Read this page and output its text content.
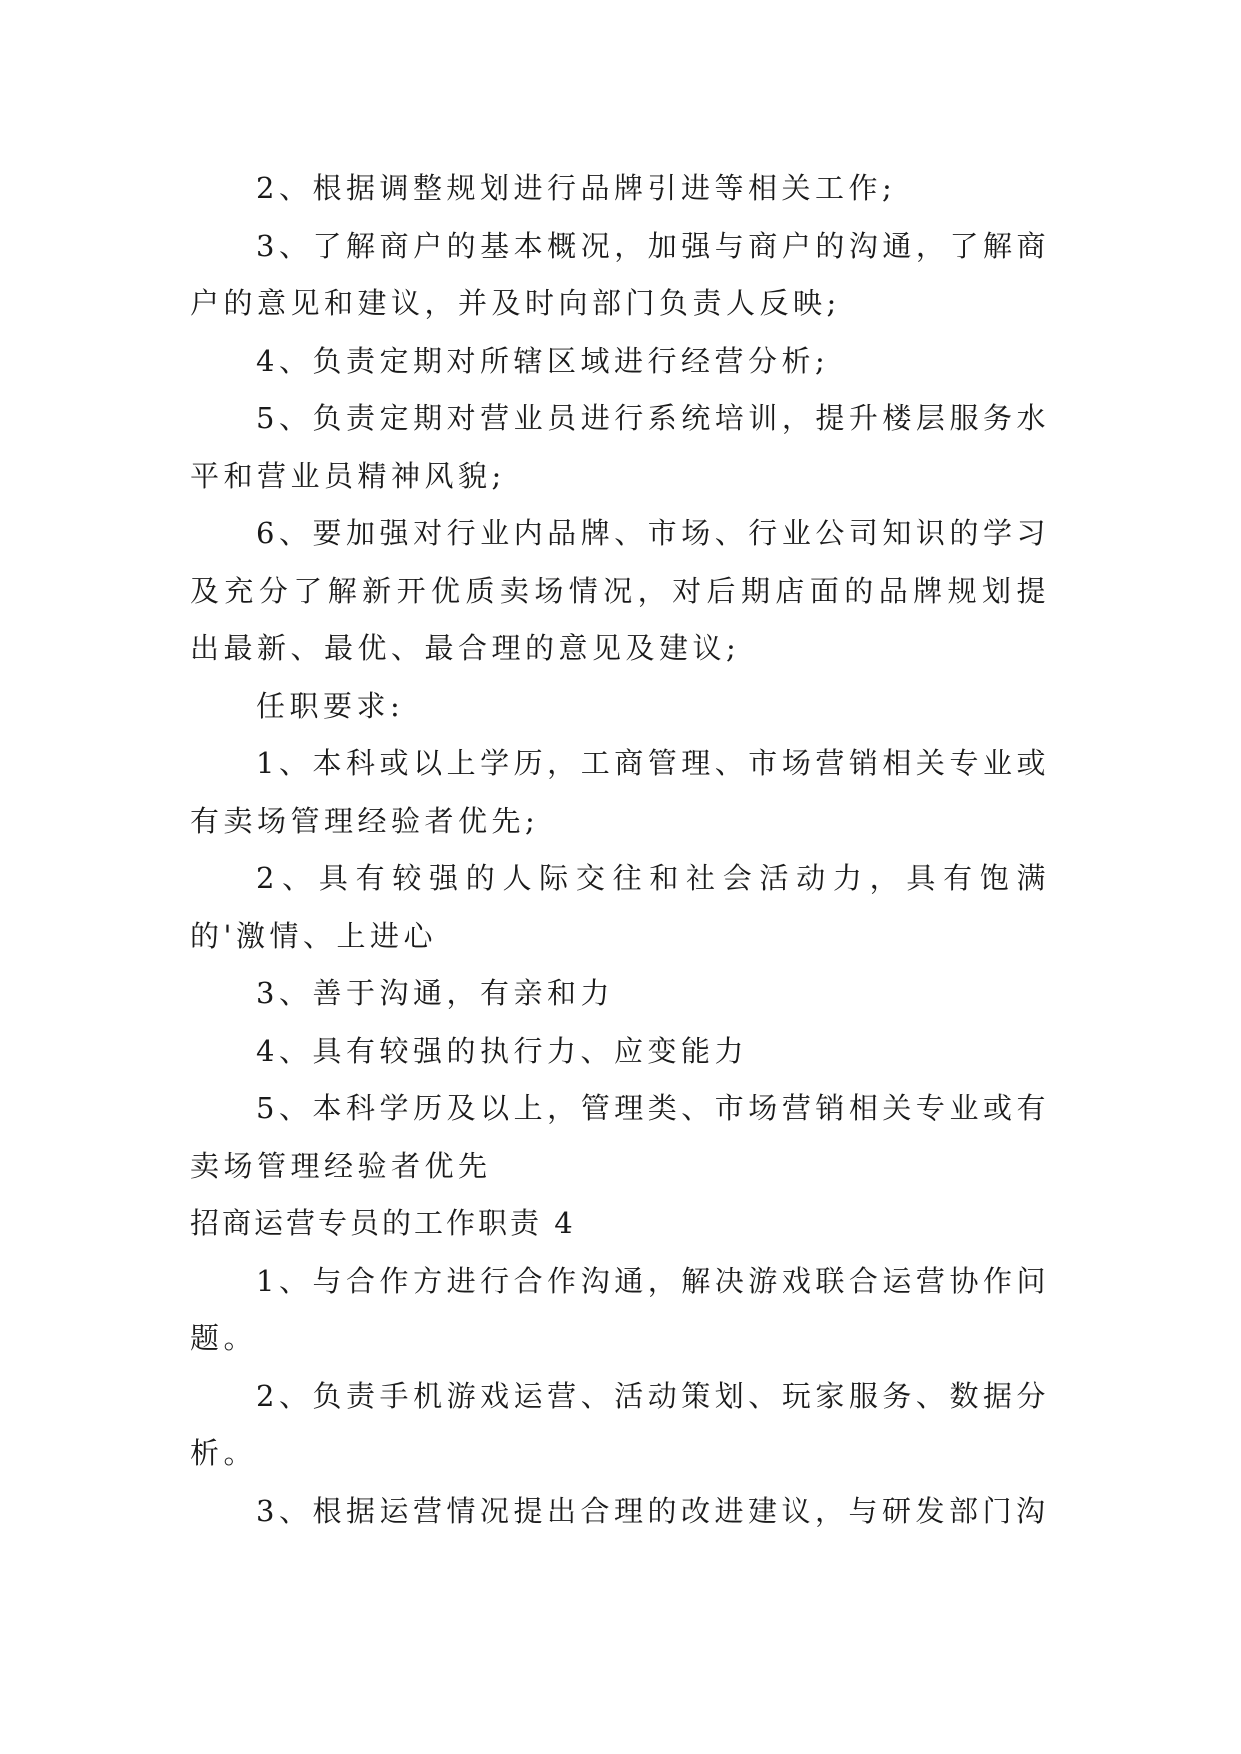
2、根据调整规划进行品牌引进等相关工作;

3、了解商户的基本概况，加强与商户的沟通，了解商户的意见和建议，并及时向部门负责人反映;

4、负责定期对所辖区域进行经营分析;

5、负责定期对营业员进行系统培训，提升楼层服务水平和营业员精神风貌;

6、要加强对行业内品牌、市场、行业公司知识的学习及充分了解新开优质卖场情况，对后期店面的品牌规划提出最新、最优、最合理的意见及建议;

任职要求:

1、本科或以上学历，工商管理、市场营销相关专业或有卖场管理经验者优先;

2、具有较强的人际交往和社会活动力，具有饱满的'激情、上进心

3、善于沟通，有亲和力

4、具有较强的执行力、应变能力

5、本科学历及以上，管理类、市场营销相关专业或有卖场管理经验者优先

招商运营专员的工作职责 4

1、与合作方进行合作沟通，解决游戏联合运营协作问题。

2、负责手机游戏运营、活动策划、玩家服务、数据分析。

3、根据运营情况提出合理的改进建议，与研发部门沟
